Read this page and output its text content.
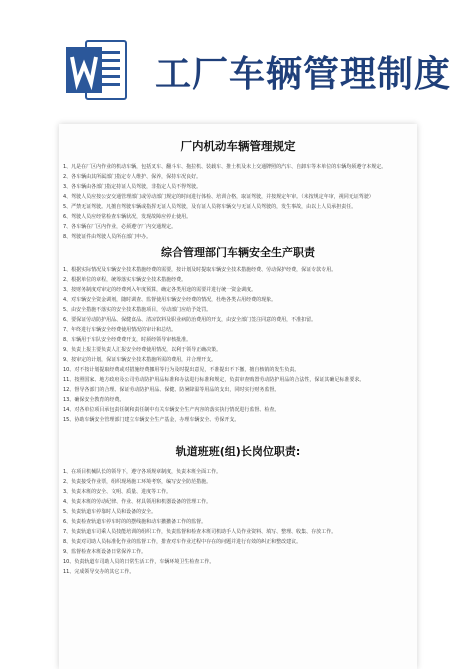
工厂车辆管理制度
厂内机动车辆管理规定
1、凡是在厂区内作业的机动车辆，包括叉车、翻斗车、拖拉机、装载车、推土机及未上交通牌照的汽车、自卸车等本单位的车辆均须遵守本规定。
2、各车辆由其所属部门指定专人维护、保养，保持车况良好。
3、各车辆由各部门指定持证人员驾驶，非指定人员不得驾驶。
4、驾驶人员应按公安交通管理部门或劳动部门规定的时间进行体检、培训合格，取证驾驶，并按规定年审。（未按规定年审，视同无证驾驶）
5、严禁无证驾驶。凡擅自驾驶车辆或指挥无证人员驾驶，及有证人员将车辆交与无证人员驾驶的，发生事故，由以上人员承担责任。
6、驾驶人员应经常检查车辆状况，发现故障应停止使用。
7、各车辆在厂区内作业，必须遵守厂内交通规定。
8、驾驶证件由驾驶人员所在部门申办。
综合管理部门车辆安全生产职责
1、根据实际情况及车辆安全技术措施经费的需要，按计划及时提取车辆安全技术措施经费、劳动保护经费，保证专款专用。
2、根据单位的章程，统筹落实车辆安全技术措施经费。
3、按财务制度对审定的经费列入年度预算，确定各类用途的需要并进行统一资金调度。
4、对车辆安全资金调剂，随时调查、监督使用车辆安全经费的情况，杜绝各类占用经费的现象。
5、由安全措施不落实的安全技术措施项目，劳动部门应给予处罚。
6、要保证劳动防护用品、保健食品、清凉饮料及职业病防治费用的开支，由安全部门签注同意的费用，不准扣留。
7、年终进行车辆安全经费使用情况的审计和总结。
8、车辆用于车队安全经费费开支，时须经领导审核批准。
9、负责上报主要负责人汇报安全经费使用情况，以利于领导正确决策。
9、按审定的计划，保证车辆安全技术措施所需的费用，并合理开支。
10、对不按计划提取经费或对措施经费挪用等行为及时提出意见，不准提出不下撤，擅自核销的发生负责。
11、按照国家、地方政府及公司劳动防护用品标准和办法进行标准和规定，负责审查购置劳动防护用品的合法性，保证其确足标准要求。
12、督导各部门的合理、保证劳动防护用品、保健、防暑降温等用品的支出，同时实行财务监督。
13、确保安全教育的经费。
14、对各单位项目承包责任制和责任制中有关车辆安全生产内容的落实执行情况进行监督、检查。
15、协助车辆安全管理部门建立车辆安全生产基金，办理车辆安全、劳保开支。
轨道班班(组)长岗位职责:
1、在项目机械队长的领导下，遵守各项规章制度，负责本班全面工作。
2、负责接受作业票，组织现场施工环境考察，编写安全防范措施。
3、负责本班的安全、文明、质量、进度等工作。
4、负责本班的劳动纪律、作业、材具领用和机器设备的管理工作。
5、负责轨道车停靠时人员和设备的安全。
6、负责检查轨道车停车时的的摆线施和动车撤撤备工作的监督。
7、负责轨道车司乘人员技能培训的组织工作，负责监督和检查本班司机助手人员作业资料、填写、整理、收集、存放工作。
8、负责对司助人员标准化作业的监督工作，排查对车作业过程中存在的问题并进行有效的纠正和整改建议。
9、监督检查本班设备日常保养工作。
10、负责轨道车司助人员的日常生活工作，车辆环境卫生检查工作。
11、完成领导交办的其它工作。
